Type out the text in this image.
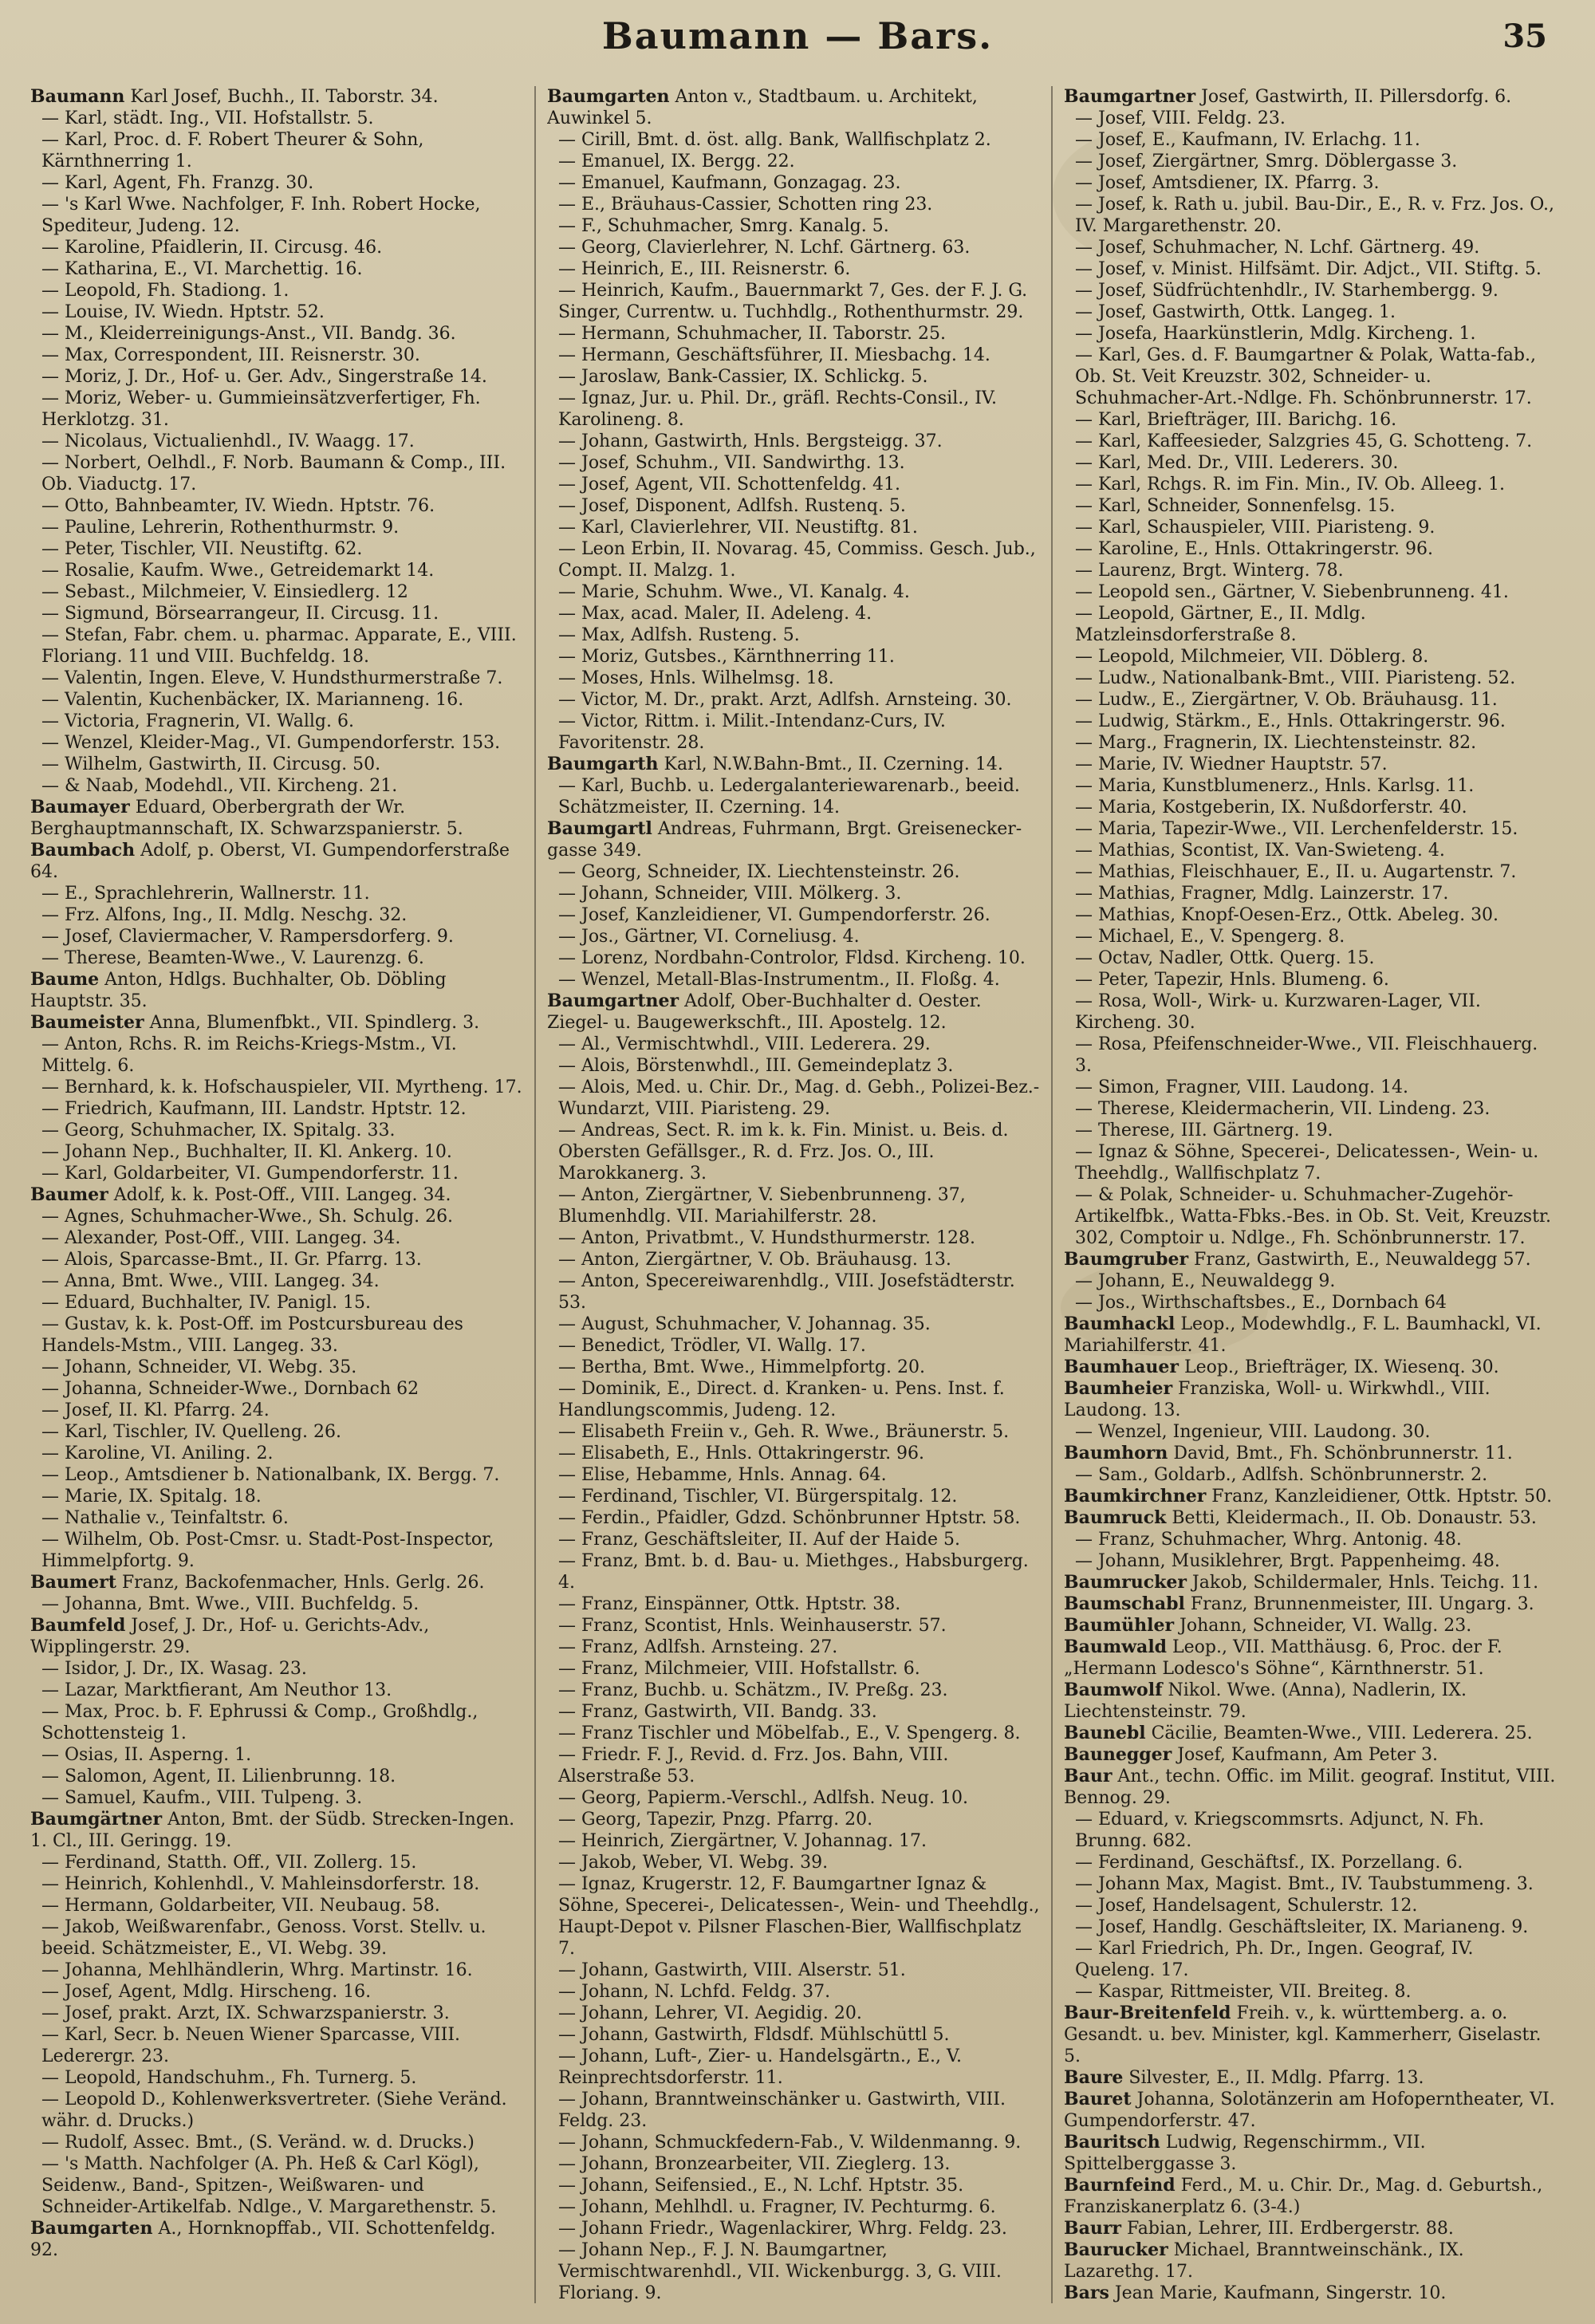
Baumann — Bars.	35

Baumann Karl Josef, Buchh., II. Taborstr. 34.

— Karl, städt. Ing., VII. Hofstallstr. 5.

— Karl, Proc. d. F. Robert Theurer & Sohn, Kärnthnerring 1.

— Karl, Agent, Fh. Franzg. 30.

— 's Karl Wwe. Nachfolger, F. Inh. Robert Hocke, Spediteur, Judeng. 12.

— Karoline, Pfaidlerin, II. Circusg. 46.

— Katharina, E., VI. Marchettig. 16.

— Leopold, Fh. Stadiong. 1.

— Louise, IV. Wiedn. Hptstr. 52.

— M., Kleiderreinigungs-Anst., VII. Bandg. 36.

— Max, Correspondent, III. Reisnerstr. 30.

— Moriz, J. Dr., Hof- u. Ger. Adv., Singerstraße 14.

— Moriz, Weber- u. Gummieinsätzverfertiger, Fh. Herklotzg. 31.

— Nicolaus, Victualienhdl., IV. Waagg. 17.

— Norbert, Oelhdl., F. Norb. Baumann & Comp., III. Ob. Viaductg. 17.

— Otto, Bahnbeamter, IV. Wiedn. Hptstr. 76.

— Pauline, Lehrerin, Rothenthurmstr. 9.

— Peter, Tischler, VII. Neustiftg. 62.

— Rosalie, Kaufm. Wwe., Getreidemarkt 14.

— Sebast., Milchmeier, V. Einsiedlerg. 12

— Sigmund, Börsearrangeur, II. Circusg. 11.

— Stefan, Fabr. chem. u. pharmac. Apparate, E., VIII. Floriang. 11 und VIII. Buchfeldg. 18.

— Valentin, Ingen. Eleve, V. Hundsthurmerstraße 7.

— Valentin, Kuchenbäcker, IX. Marianneng. 16.

— Victoria, Fragnerin, VI. Wallg. 6.

— Wenzel, Kleider-Mag., VI. Gumpendorferstr. 153.

— Wilhelm, Gastwirth, II. Circusg. 50.

— & Naab, Modehdl., VII. Kircheng. 21.

Baumayer Eduard, Oberbergrath der Wr. Berghauptmannschaft, IX. Schwarzspanierstr. 5.

Baumbach Adolf, p. Oberst, VI. Gumpendorferstraße 64.

— E., Sprachlehrerin, Wallnerstr. 11.

— Frz. Alfons, Ing., II. Mdlg. Neschg. 32.

— Josef, Claviermacher, V. Rampersdorferg. 9.

— Therese, Beamten-Wwe., V. Laurenzg. 6.

Baume Anton, Hdlgs. Buchhalter, Ob. Döbling Hauptstr. 35.

Baumeister Anna, Blumenfbkt., VII. Spindlerg. 3.

— Anton, Rchs. R. im Reichs-Kriegs-Mstm., VI. Mittelg. 6.

— Bernhard, k. k. Hofschauspieler, VII. Myrtheng. 17.

— Friedrich, Kaufmann, III. Landstr. Hptstr. 12.

— Georg, Schuhmacher, IX. Spitalg. 33.

— Johann Nep., Buchhalter, II. Kl. Ankerg. 10.

— Karl, Goldarbeiter, VI. Gumpendorferstr. 11.

Baumer Adolf, k. k. Post-Off., VIII. Langeg. 34.

— Agnes, Schuhmacher-Wwe., Sh. Schulg. 26.

— Alexander, Post-Off., VIII. Langeg. 34.

— Alois, Sparcasse-Bmt., II. Gr. Pfarrg. 13.

— Anna, Bmt. Wwe., VIII. Langeg. 34.

— Eduard, Buchhalter, IV. Panigl. 15.

— Gustav, k. k. Post-Off. im Postcursbureau des Handels-Mstm., VIII. Langeg. 33.

— Johann, Schneider, VI. Webg. 35.

— Johanna, Schneider-Wwe., Dornbach 62

— Josef, II. Kl. Pfarrg. 24.

— Karl, Tischler, IV. Quelleng. 26.

— Karoline, VI. Aniling. 2.

— Leop., Amtsdiener b. Nationalbank, IX. Bergg. 7.

— Marie, IX. Spitalg. 18.

— Nathalie v., Teinfaltstr. 6.

— Wilhelm, Ob. Post-Cmsr. u. Stadt-Post-Inspector, Himmelpfortg. 9.

Baumert Franz, Backofenmacher, Hnls. Gerlg. 26.

— Johanna, Bmt. Wwe., VIII. Buchfeldg. 5.

Baumfeld Josef, J. Dr., Hof- u. Gerichts-Adv., Wipplingerstr. 29.

— Isidor, J. Dr., IX. Wasag. 23.

— Lazar, Marktfierant, Am Neuthor 13.

— Max, Proc. b. F. Ephrussi & Comp., Großhdlg., Schottensteig 1.

— Osias, II. Asperng. 1.

— Salomon, Agent, II. Lilienbrunng. 18.

— Samuel, Kaufm., VIII. Tulpeng. 3.

Baumgärtner Anton, Bmt. der Südb. Strecken-Ingen. 1. Cl., III. Geringg. 19.

— Ferdinand, Statth. Off., VII. Zollerg. 15.

— Heinrich, Kohlenhdl., V. Mahleinsdorferstr. 18.

— Hermann, Goldarbeiter, VII. Neubaug. 58.

— Jakob, Weißwarenfabr., Genoss. Vorst. Stellv. u. beeid. Schätzmeister, E., VI. Webg. 39.

— Johanna, Mehlhändlerin, Whrg. Martinstr. 16.

— Josef, Agent, Mdlg. Hirscheng. 16.

— Josef, prakt. Arzt, IX. Schwarzspanierstr. 3.

— Karl, Secr. b. Neuen Wiener Sparcasse, VIII. Lederergr. 23.

— Leopold, Handschuhm., Fh. Turnerg. 5.

— Leopold D., Kohlenwerksvertreter. (Siehe Veränd. währ. d. Drucks.)

— Rudolf, Assec. Bmt., (S. Veränd. w. d. Drucks.)

— 's Matth. Nachfolger (A. Ph. Heß & Carl Kögl), Seidenw., Band-, Spitzen-, Weißwaren- und Schneider-Artikelfab. Ndlge., V. Margarethenstr. 5.

Baumgarten A., Hornknopffab., VII. Schottenfeldg. 92.

Baumgarten Anton v., Stadtbaum. u. Architekt, Auwinkel 5.

— Cirill, Bmt. d. öst. allg. Bank, Wallfischplatz 2.

— Emanuel, IX. Bergg. 22.

— Emanuel, Kaufmann, Gonzagag. 23.

— E., Bräuhaus-Cassier, Schotten ring 23.

— F., Schuhmacher, Smrg. Kanalg. 5.

— Georg, Clavierlehrer, N. Lchf. Gärtnerg. 63.

— Heinrich, E., III. Reisnerstr. 6.

— Heinrich, Kaufm., Bauernmarkt 7, Ges. der F. J. G. Singer, Currentw. u. Tuchhdlg., Rothenthurmstr. 29.

— Hermann, Schuhmacher, II. Taborstr. 25.

— Hermann, Geschäftsführer, II. Miesbachg. 14.

— Jaroslaw, Bank-Cassier, IX. Schlickg. 5.

— Ignaz, Jur. u. Phil. Dr., gräfl. Rechts-Consil., IV. Karolineng. 8.

— Johann, Gastwirth, Hnls. Bergsteigg. 37.

— Josef, Schuhm., VII. Sandwirthg. 13.

— Josef, Agent, VII. Schottenfeldg. 41.

— Josef, Disponent, Adlfsh. Rustenq. 5.

— Karl, Clavierlehrer, VII. Neustiftg. 81.

— Leon Erbin, II. Novarag. 45, Commiss. Gesch. Jub., Compt. II. Malzg. 1.

— Marie, Schuhm. Wwe., VI. Kanalg. 4.

— Max, acad. Maler, II. Adeleng. 4.

— Max, Adlfsh. Rusteng. 5.

— Moriz, Gutsbes., Kärnthnerring 11.

— Moses, Hnls. Wilhelmsg. 18.

— Victor, M. Dr., prakt. Arzt, Adlfsh. Arnsteing. 30.

— Victor, Rittm. i. Milit.-Intendanz-Curs, IV. Favoritenstr. 28.

Baumgarth Karl, N.W.Bahn-Bmt., II. Czerning. 14.

— Karl, Buchb. u. Ledergalanteriewarenarb., beeid. Schätzmeister, II. Czerning. 14.

Baumgartl Andreas, Fuhrmann, Brgt. Greisenecker-gasse 349.

— Georg, Schneider, IX. Liechtensteinstr. 26.

— Johann, Schneider, VIII. Mölkerg. 3.

— Josef, Kanzleidiener, VI. Gumpendorferstr. 26.

— Jos., Gärtner, VI. Corneliusg. 4.

— Lorenz, Nordbahn-Controlor, Fldsd. Kircheng. 10.

— Wenzel, Metall-Blas-Instrumentm., II. Floßg. 4.

Baumgartner Adolf, Ober-Buchhalter d. Oester. Ziegel- u. Baugewerkschft., III. Apostelg. 12.

— Al., Vermischtwhdl., VIII. Lederera. 29.

— Alois, Börstenwhdl., III. Gemeindeplatz 3.

— Alois, Med. u. Chir. Dr., Mag. d. Gebh., Polizei-Bez.-Wundarzt, VIII. Piaristeng. 29.

— Andreas, Sect. R. im k. k. Fin. Minist. u. Beis. d. Obersten Gefällsger., R. d. Frz. Jos. O., III. Marokkanerg. 3.

— Anton, Ziergärtner, V. Siebenbrunneng. 37, Blumenhdlg. VII. Mariahilferstr. 28.

— Anton, Privatbmt., V. Hundsthurmerstr. 128.

— Anton, Ziergärtner, V. Ob. Bräuhausg. 13.

— Anton, Specereiwarenhdlg., VIII. Josefstädterstr. 53.

— August, Schuhmacher, V. Johannag. 35.

— Benedict, Trödler, VI. Wallg. 17.

— Bertha, Bmt. Wwe., Himmelpfortg. 20.

— Dominik, E., Direct. d. Kranken- u. Pens. Inst. f. Handlungscommis, Judeng. 12.

— Elisabeth Freiin v., Geh. R. Wwe., Bräunerstr. 5.

— Elisabeth, E., Hnls. Ottakringerstr. 96.

— Elise, Hebamme, Hnls. Annag. 64.

— Ferdinand, Tischler, VI. Bürgerspitalg. 12.

— Ferdin., Pfaidler, Gdzd. Schönbrunner Hptstr. 58.

— Franz, Geschäftsleiter, II. Auf der Haide 5.

— Franz, Bmt. b. d. Bau- u. Miethges., Habsburgerg. 4.

— Franz, Einspänner, Ottk. Hptstr. 38.

— Franz, Scontist, Hnls. Weinhauserstr. 57.

— Franz, Adlfsh. Arnsteing. 27.

— Franz, Milchmeier, VIII. Hofstallstr. 6.

— Franz, Buchb. u. Schätzm., IV. Preßg. 23.

— Franz, Gastwirth, VII. Bandg. 33.

— Franz Tischler und Möbelfab., E., V. Spengerg. 8.

— Friedr. F. J., Revid. d. Frz. Jos. Bahn, VIII. Alserstraße 53.

— Georg, Papierm.-Verschl., Adlfsh. Neug. 10.

— Georg, Tapezir, Pnzg. Pfarrg. 20.

— Heinrich, Ziergärtner, V. Johannag. 17.

— Jakob, Weber, VI. Webg. 39.

— Ignaz, Krugerstr. 12, F. Baumgartner Ignaz & Söhne, Specerei-, Delicatessen-, Wein- und Theehdlg., Haupt-Depot v. Pilsner Flaschen-Bier, Wallfischplatz 7.

— Johann, Gastwirth, VIII. Alserstr. 51.

— Johann, N. Lchfd. Feldg. 37.

— Johann, Lehrer, VI. Aegidig. 20.

— Johann, Gastwirth, Fldsdf. Mühlschüttl 5.

— Johann, Luft-, Zier- u. Handelsgärtn., E., V. Reinprechtsdorferstr. 11.

— Johann, Branntweinschänker u. Gastwirth, VIII. Feldg. 23.

— Johann, Schmuckfedern-Fab., V. Wildenmanng. 9.

— Johann, Bronzearbeiter, VII. Zieglerg. 13.

— Johann, Seifensied., E., N. Lchf. Hptstr. 35.

— Johann, Mehlhdl. u. Fragner, IV. Pechturmg. 6.

— Johann Friedr., Wagenlackirer, Whrg. Feldg. 23.

— Johann Nep., F. J. N. Baumgartner, Vermischtwarenhdl., VII. Wickenburgg. 3, G. VIII. Floriang. 9.

Baumgartner Josef, Gastwirth, II. Pillersdorfg. 6.

— Josef, VIII. Feldg. 23.

— Josef, E., Kaufmann, IV. Erlachg. 11.

— Josef, Ziergärtner, Smrg. Döblergasse 3.

— Josef, Amtsdiener, IX. Pfarrg. 3.

— Josef, k. Rath u. jubil. Bau-Dir., E., R. v. Frz. Jos. O., IV. Margarethenstr. 20.

— Josef, Schuhmacher, N. Lchf. Gärtnerg. 49.

— Josef, v. Minist. Hilfsämt. Dir. Adjct., VII. Stiftg. 5.

— Josef, Südfrüchtenhdlr., IV. Starhembergg. 9.

— Josef, Gastwirth, Ottk. Langeg. 1.

— Josefa, Haarkünstlerin, Mdlg. Kircheng. 1.

— Karl, Ges. d. F. Baumgartner & Polak, Watta-fab., Ob. St. Veit Kreuzstr. 302, Schneider- u. Schuhmacher-Art.-Ndlge. Fh. Schönbrunnerstr. 17.

— Karl, Briefträger, III. Barichg. 16.

— Karl, Kaffeesieder, Salzgries 45, G. Schotteng. 7.

— Karl, Med. Dr., VIII. Lederers. 30.

— Karl, Rchgs. R. im Fin. Min., IV. Ob. Alleeg. 1.

— Karl, Schneider, Sonnenfelsg. 15.

— Karl, Schauspieler, VIII. Piaristeng. 9.

— Karoline, E., Hnls. Ottakringerstr. 96.

— Laurenz, Brgt. Winterg. 78.

— Leopold sen., Gärtner, V. Siebenbrunneng. 41.

— Leopold, Gärtner, E., II. Mdlg. Matzleinsdorferstraße 8.

— Leopold, Milchmeier, VII. Döblerg. 8.

— Ludw., Nationalbank-Bmt., VIII. Piaristeng. 52.

— Ludw., E., Ziergärtner, V. Ob. Bräuhausg. 11.

— Ludwig, Stärkm., E., Hnls. Ottakringerstr. 96.

— Marg., Fragnerin, IX. Liechtensteinstr. 82.

— Marie, IV. Wiedner Hauptstr. 57.

— Maria, Kunstblumenerz., Hnls. Karlsg. 11.

— Maria, Kostgeberin, IX. Nußdorferstr. 40.

— Maria, Tapezir-Wwe., VII. Lerchenfelderstr. 15.

— Mathias, Scontist, IX. Van-Swieteng. 4.

— Mathias, Fleischhauer, E., II. u. Augartenstr. 7.

— Mathias, Fragner, Mdlg. Lainzerstr. 17.

— Mathias, Knopf-Oesen-Erz., Ottk. Abeleg. 30.

— Michael, E., V. Spengerg. 8.

— Octav, Nadler, Ottk. Querg. 15.

— Peter, Tapezir, Hnls. Blumeng. 6.

— Rosa, Woll-, Wirk- u. Kurzwaren-Lager, VII. Kircheng. 30.

— Rosa, Pfeifenschneider-Wwe., VII. Fleischhauerg. 3.

— Simon, Fragner, VIII. Laudong. 14.

— Therese, Kleidermacherin, VII. Lindeng. 23.

— Therese, III. Gärtnerg. 19.

— Ignaz & Söhne, Specerei-, Delicatessen-, Wein- u. Theehdlg., Wallfischplatz 7.

— & Polak, Schneider- u. Schuhmacher-Zugehör-Artikelfbk., Watta-Fbks.-Bes. in Ob. St. Veit, Kreuzstr. 302, Comptoir u. Ndlge., Fh. Schönbrunnerstr. 17.

Baumgruber Franz, Gastwirth, E., Neuwaldegg 57.

— Johann, E., Neuwaldegg 9.

— Jos., Wirthschaftsbes., E., Dornbach 64

Baumhackl Leop., Modewhdlg., F. L. Baumhackl, VI. Mariahilferstr. 41.

Baumhauer Leop., Briefträger, IX. Wiesenq. 30.

Baumheier Franziska, Woll- u. Wirkwhdl., VIII. Laudong. 13.

— Wenzel, Ingenieur, VIII. Laudong. 30.

Baumhorn David, Bmt., Fh. Schönbrunnerstr. 11.

— Sam., Goldarb., Adlfsh. Schönbrunnerstr. 2.

Baumkirchner Franz, Kanzleidiener, Ottk. Hptstr. 50.

Baumruck Betti, Kleidermach., II. Ob. Donaustr. 53.

— Franz, Schuhmacher, Whrg. Antonig. 48.

— Johann, Musiklehrer, Brgt. Pappenheimg. 48.

Baumrucker Jakob, Schildermaler, Hnls. Teichg. 11.

Baumschabl Franz, Brunnenmeister, III. Ungarg. 3.

Baumühler Johann, Schneider, VI. Wallg. 23.

Baumwald Leop., VII. Matthäusg. 6, Proc. der F. „Hermann Lodesco's Söhne“, Kärnthnerstr. 51.

Baumwolf Nikol. Wwe. (Anna), Nadlerin, IX. Liechtensteinstr. 79.

Baunebl Cäcilie, Beamten-Wwe., VIII. Lederera. 25.

Baunegger Josef, Kaufmann, Am Peter 3.

Baur Ant., techn. Offic. im Milit. geograf. Institut, VIII. Bennog. 29.

— Eduard, v. Kriegscommsrts. Adjunct, N. Fh. Brunng. 682.

— Ferdinand, Geschäftsf., IX. Porzellang. 6.

— Johann Max, Magist. Bmt., IV. Taubstummeng. 3.

— Josef, Handelsagent, Schulerstr. 12.

— Josef, Handlg. Geschäftsleiter, IX. Marianeng. 9.

— Karl Friedrich, Ph. Dr., Ingen. Geograf, IV. Queleng. 17.

— Kaspar, Rittmeister, VII. Breiteg. 8.

Baur-Breitenfeld Freih. v., k. württemberg. a. o. Gesandt. u. bev. Minister, kgl. Kammerherr, Giselastr. 5.

Baure Silvester, E., II. Mdlg. Pfarrg. 13.

Bauret Johanna, Solotänzerin am Hofoperntheater, VI. Gumpendorferstr. 47.

Bauritsch Ludwig, Regenschirmm., VII. Spittelberggasse 3.

Baurnfeind Ferd., M. u. Chir. Dr., Mag. d. Geburtsh., Franziskanerplatz 6. (3-4.)

Baurr Fabian, Lehrer, III. Erdbergerstr. 88.

Baurucker Michael, Branntweinschänk., IX. Lazarethg. 17.

Bars Jean Marie, Kaufmann, Singerstr. 10.
